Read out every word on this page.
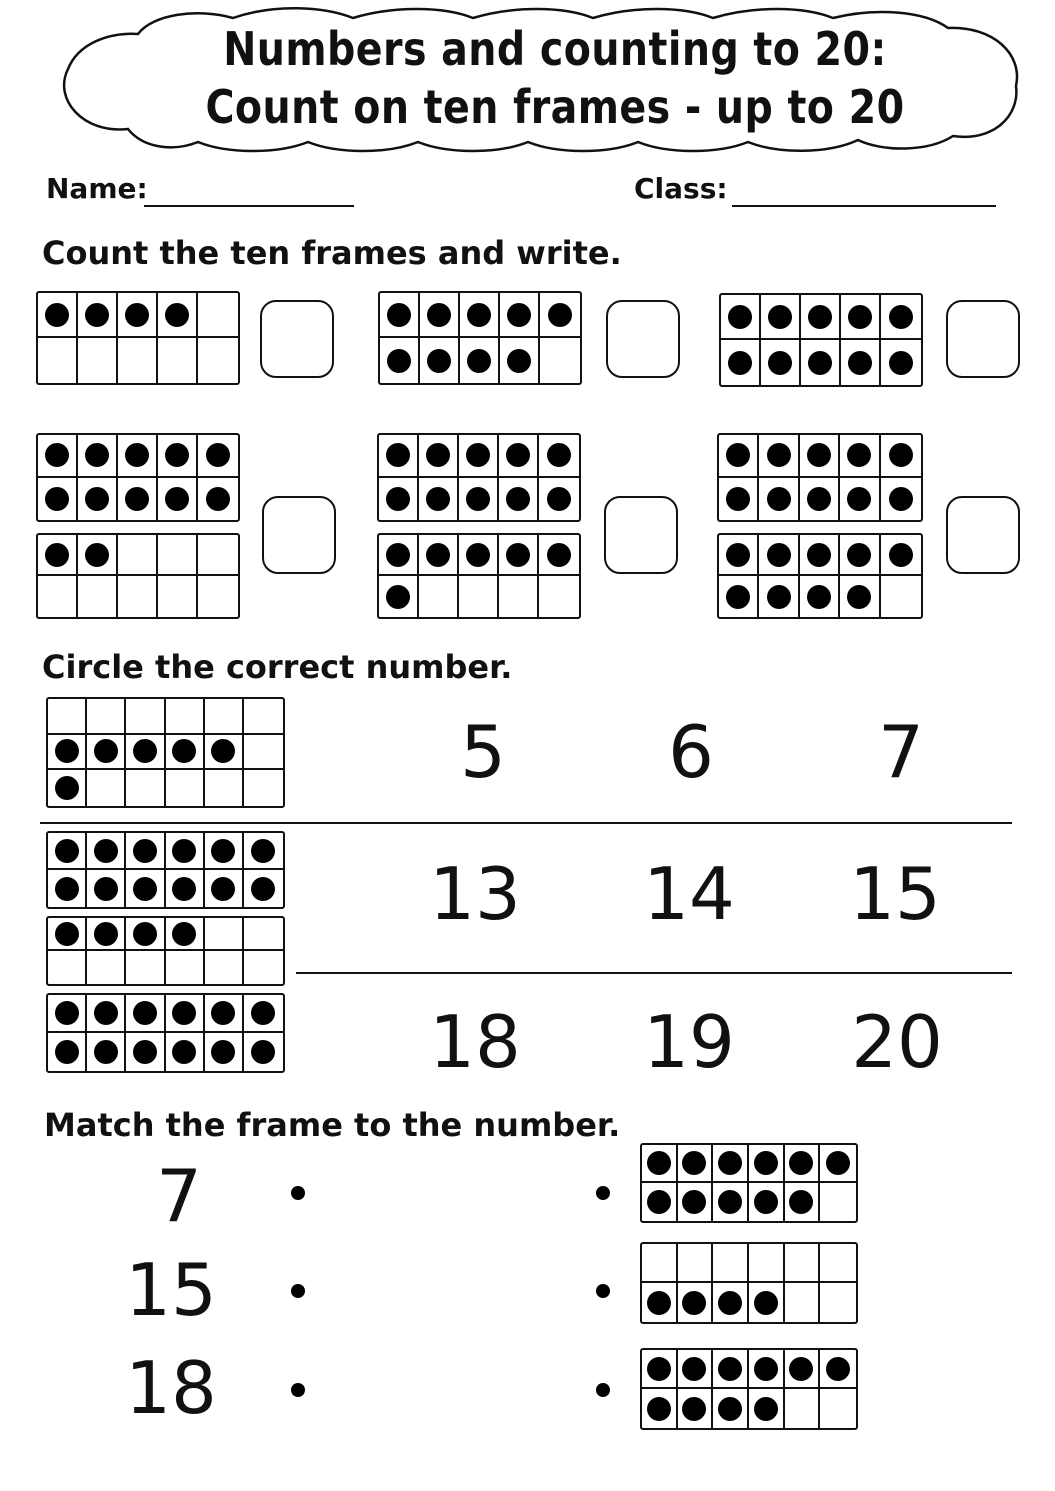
Numbers and counting to 20: Count on ten frames - up to 20
Name:	Class:
Count the ten frames and write.
Circle the correct number.
5	6	7
13 14 15
18 19 20
Match the frame to the number.
7
15
18
